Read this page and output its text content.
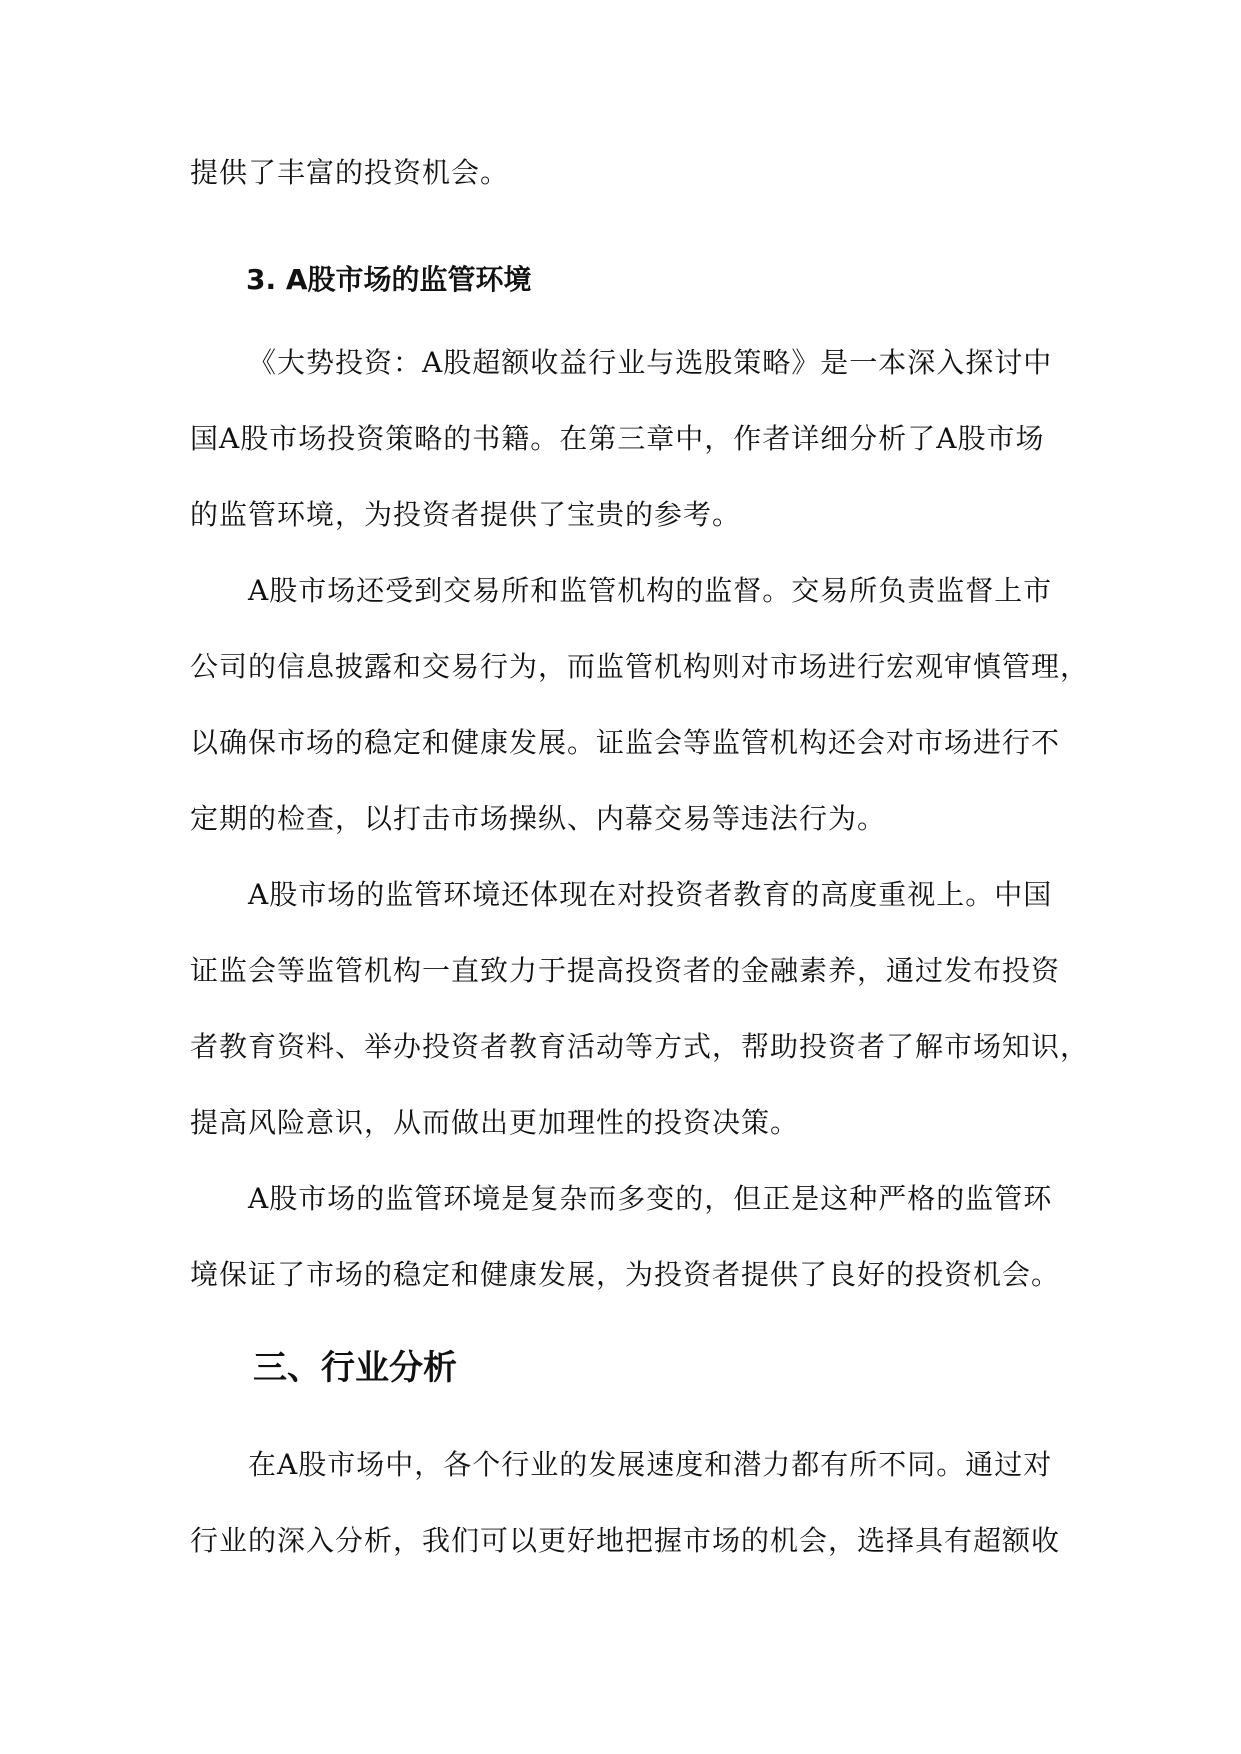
提供了丰富的投资机会。

3. A股市场的监管环境

《大势投资：A股超额收益行业与选股策略》是一本深入探讨中
国A股市场投资策略的书籍。在第三章中，作者详细分析了A股市场
的监管环境，为投资者提供了宝贵的参考。

A股市场还受到交易所和监管机构的监督。交易所负责监督上市
公司的信息披露和交易行为，而监管机构则对市场进行宏观审慎管理，
以确保市场的稳定和健康发展。证监会等监管机构还会对市场进行不
定期的检查，以打击市场操纵、内幕交易等违法行为。

A股市场的监管环境还体现在对投资者教育的高度重视上。中国
证监会等监管机构一直致力于提高投资者的金融素养，通过发布投资
者教育资料、举办投资者教育活动等方式，帮助投资者了解市场知识，
提高风险意识，从而做出更加理性的投资决策。

A股市场的监管环境是复杂而多变的，但正是这种严格的监管环
境保证了市场的稳定和健康发展，为投资者提供了良好的投资机会。

三、行业分析

在A股市场中，各个行业的发展速度和潜力都有所不同。通过对
行业的深入分析，我们可以更好地把握市场的机会，选择具有超额收
